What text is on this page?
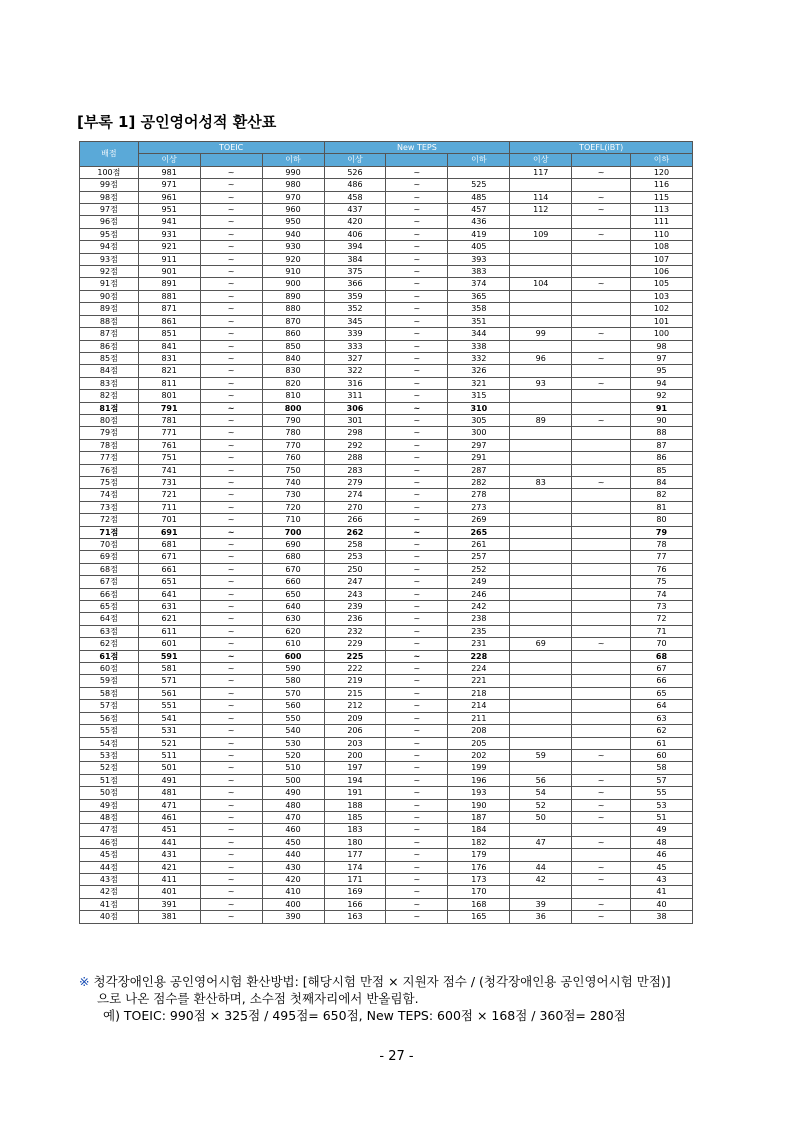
[부록 1] 공인영어성적 환산표
배점	TOEIC			New TEPS			TOEFL(iBT)		
	이상		이하	이상		이하	이상		이하
100점	981	~	990	526	~		117	~	120
99점	971	~	980	486	~	525			116
98점	961	~	970	458	~	485	114	~	115
97점	951	~	960	437	~	457	112	~	113
96점	941	~	950	420	~	436			111
95점	931	~	940	406	~	419	109	~	110
94점	921	~	930	394	~	405			108
93점	911	~	920	384	~	393			107
92점	901	~	910	375	~	383			106
91점	891	~	900	366	~	374	104	~	105
90점	881	~	890	359	~	365			103
89점	871	~	880	352	~	358			102
88점	861	~	870	345	~	351			101
87점	851	~	860	339	~	344	99	~	100
86점	841	~	850	333	~	338			98
85점	831	~	840	327	~	332	96	~	97
84점	821	~	830	322	~	326			95
83점	811	~	820	316	~	321	93	~	94
82점	801	~	810	311	~	315			92
81점	791	~	800	306	~	310			91
80점	781	~	790	301	~	305	89	~	90
79점	771	~	780	298	~	300			88
78점	761	~	770	292	~	297			87
77점	751	~	760	288	~	291			86
76점	741	~	750	283	~	287			85
75점	731	~	740	279	~	282	83	~	84
74점	721	~	730	274	~	278			82
73점	711	~	720	270	~	273			81
72점	701	~	710	266	~	269			80
71점	691	~	700	262	~	265			79
70점	681	~	690	258	~	261			78
69점	671	~	680	253	~	257			77
68점	661	~	670	250	~	252			76
67점	651	~	660	247	~	249			75
66점	641	~	650	243	~	246			74
65점	631	~	640	239	~	242			73
64점	621	~	630	236	~	238			72
63점	611	~	620	232	~	235			71
62점	601	~	610	229	~	231	69	~	70
61점	591	~	600	225	~	228			68
60점	581	~	590	222	~	224			67
59점	571	~	580	219	~	221			66
58점	561	~	570	215	~	218			65
57점	551	~	560	212	~	214			64
56점	541	~	550	209	~	211			63
55점	531	~	540	206	~	208			62
54점	521	~	530	203	~	205			61
53점	511	~	520	200	~	202	59	~	60
52점	501	~	510	197	~	199			58
51점	491	~	500	194	~	196	56	~	57
50점	481	~	490	191	~	193	54	~	55
49점	471	~	480	188	~	190	52	~	53
48점	461	~	470	185	~	187	50	~	51
47점	451	~	460	183	~	184			49
46점	441	~	450	180	~	182	47	~	48
45점	431	~	440	177	~	179			46
44점	421	~	430	174	~	176	44	~	45
43점	411	~	420	171	~	173	42	~	43
42점	401	~	410	169	~	170			41
41점	391	~	400	166	~	168	39	~	40
40점	381	~	390	163	~	165	36	~	38

※ 청각장애인용 공인영어시험 환산방법: [해당시험 만점 × 지원자 점수 / (청각장애인용 공인영어시험 만점)]

으로 나온 점수를 환산하며, 소수점 첫째자리에서 반올림함.

예) TOEIC: 990점 × 325점 / 495점= 650점, New TEPS: 600점 × 168점 / 360점= 280점

- 27 -
